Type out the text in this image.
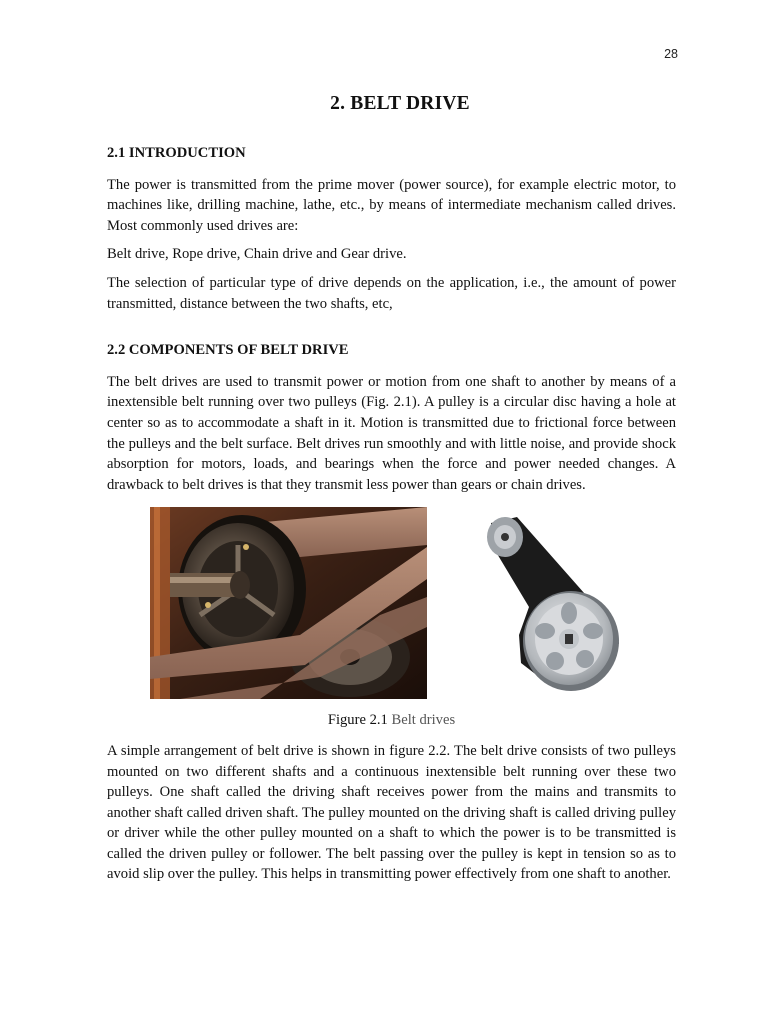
28
2. BELT DRIVE
2.1 INTRODUCTION

The power is transmitted from the prime mover (power source), for example electric motor, to machines like, drilling machine, lathe, etc., by means of intermediate mechanism called drives. Most commonly used drives are:

Belt drive, Rope drive, Chain drive and Gear drive.

The selection of particular type of drive depends on the application, i.e., the amount of power transmitted, distance between the two shafts, etc,

2.2 COMPONENTS OF BELT DRIVE

The belt drives are used to transmit power or motion from one shaft to another by means of a inextensible belt running over two pulleys (Fig. 2.1). A pulley is a circular disc having a hole at center so as to accommodate a shaft in it. Motion is transmitted due to frictional force between the pulleys and the belt surface. Belt drives run smoothly and with little noise, and provide shock absorption for motors, loads, and bearings when the force and power needed changes. A drawback to belt drives is that they transmit less power than gears or chain drives.

Figure 2.1 Belt drives

A simple arrangement of belt drive is shown in figure 2.2. The belt drive consists of two pulleys mounted on two different shafts and a continuous inextensible belt running over these two pulleys. One shaft called the driving shaft receives power from the mains and transmits to another shaft called driven shaft. The pulley mounted on the driving shaft is called driving pulley or driver while the other pulley mounted on a shaft to which the power is to be transmitted is called the driven pulley or follower. The belt passing over the pulley is kept in tension so as to avoid slip over the pulley. This helps in transmitting power effectively from one shaft to another.
